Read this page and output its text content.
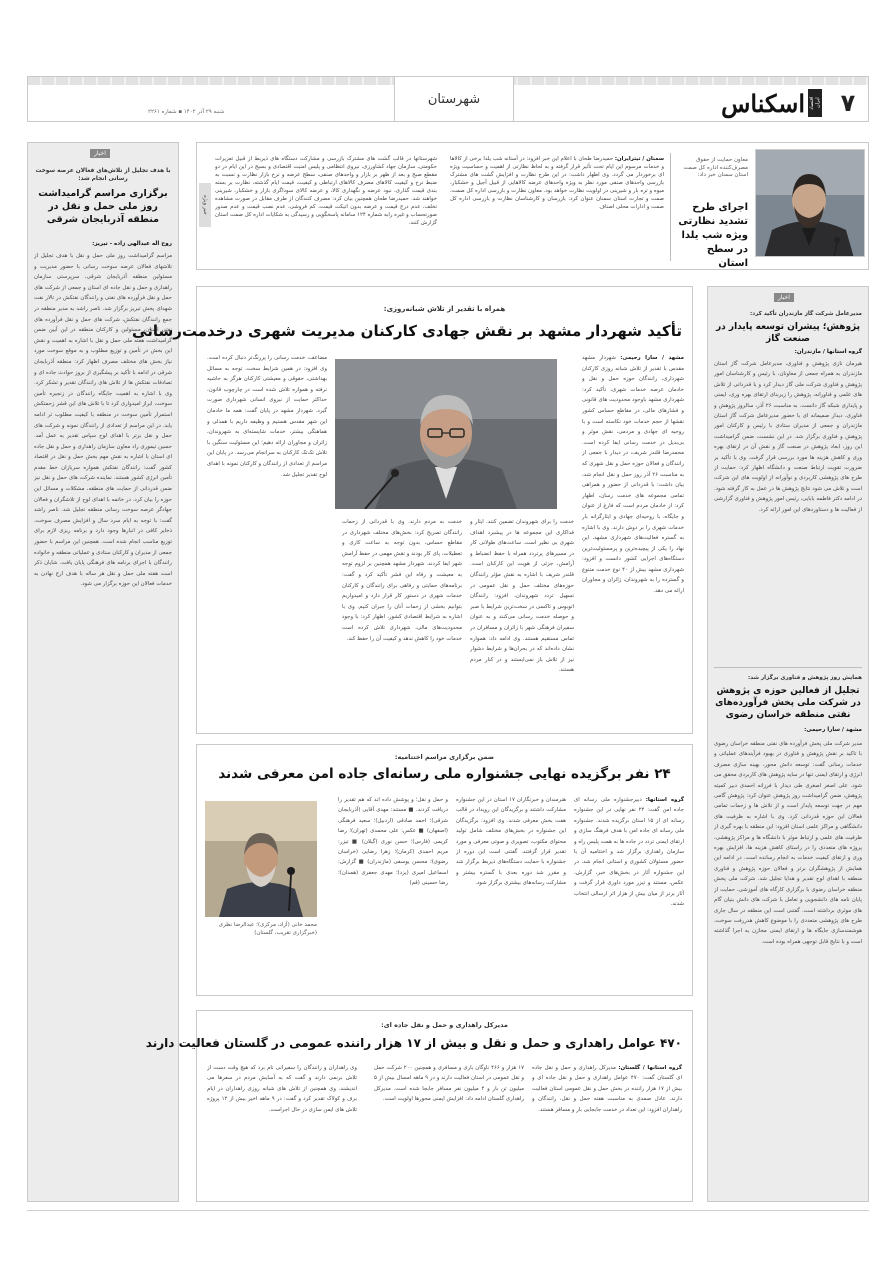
۷
اقتصاد ایران
اسکناس
شهرستان
شنبه ۲۹ آذر ۱۴۰۲ ▪ شماره ۲۲۶۱
خبر ویژه
معاون حمایت از حقوق مصرف‌کننده اداره کل صمت استان سمنان خبر داد:
اجرای طرح تشدید نظارتی ویژه شب یلدا در سطح استان
سمنان / تیترایران: حمیدرضا طحان با اعلام این خبر افزود: در آستانه شب یلدا برخی از کالاها و خدمات مرسوم این ایام تحت تأثیر قرار گرفته و به لحاظ نظارتی از اهمیت و حساسیت ویژه ای برخوردار می گردد. وی اظهار داشت: در این طرح نظارت و افزایش گشت های مشترک بازرسی واحدهای صنفی مورد نظر به ویژه واحدهای عرضه کالاهایی از قبیل آجیل و خشکبار، میوه و تره بار و شیرینی در اولویت نظارت خواهد بود. معاون نظارت و بازرسی اداره کل صمت، صمت و تجارت استان سمنان عنوان کرد: بازرسان و کارشناسان نظارت و بازرسی اداره کل صمت و ادارات محلی اصناف
شهرستانها در قالب گشت های مشترک بازرسی و مشارکت دستگاه های ذیربط از قبیل تعزیرات حکومتی، سازمان جهاد کشاورزی، نیروی انتظامی و پلیس امنیت اقتصادی و بسیج در این ایام در دو مقطع صبح و بعد از ظهر بر بازار و واحدهای صنفی، سطح عرضه و نرخ بازار نظارت و نسبت به ضبط نرخ و کیفیت کالاهای مصرف کالاهای ارتباطی و کیفیت، قیمت ایام گذشته، نظارت بر بسته بندی قیمت گذاری، نبود عرضه و نگهداری کالا، و عرضه کالای سوداگری بازار و خشکبار، شیرینی خواهند شد. حمیدرضا طحان همچنین بیان کرد: مصرف کنندگان از طرف مقابل در صورت مشاهده تخلف، عدم درج قیمت و عرضه بدون اتیکت قیمت، کم فروشی، عدم نصب قیمت و عدم صدور صورتحساب و غیره رابه شماره ۱۲۴ سامانه پاسخگویی و رسیدگی به شکایات اداره کل صمت استان گزارش کنند.
اخبار
با هدف تجلیل از تلاش‌های فعالان عرصه سوخت رسانی انجام شد:
برگزاری مراسم گرامیداشت روز ملی حمل و نقل در منطقه آذربایجان شرقی
روح اله عبدالهی زاده - تبریز:
مراسم گرامیداشت روز ملی حمل و نقل با هدف تجلیل از تلاشهای فعالان عرصه سوخت رسانی با حضور مدیریت و مسئولین منطقه آذربایجان شرقی، سرپرستی سازمان راهداری و حمل و نقل جاده ای استان و جمعی از شرکت های حمل و نقل فرآورده های نفتی و رانندگان نفتکش در تالار نفت شهدای پخش تبریز برگزار شد. ناصر راشد به مدیر منطقه در جمع رانندگان نفتکش، شرکت های حمل و نقل فرآورده های نفتی استان، مسئولین و کارکنان منطقه در این آیین ضمن گرامیداشت هفته ملی حمل و نقل با اشاره به اهمیت و نقش این بخش در تأمین و توزیع مطلوب و به موقع سوخت مورد نیاز بخش های مختلف مصرف اظهار کرد: منطقه آذربایجان شرقی در ادامه با تأکید بر پیشگیری از بروز حوادث جاده ای و تصادفات نفتکش ها از تلاش های رانندگان تقدیر و تشکر کرد. وی با اشاره به اهمیت جایگاه رانندگان در زنجیره تأمین سوخت، ابراز امیدواری کرد تا با تلاش های این قشر زحمتکش استمرار تأمین سوخت در منطقه با کیفیت مطلوب تر ادامه یابد. در این مراسم از تعدادی از رانندگان نمونه و شرکت های حمل و نقل برتر با اهدای لوح سپاس تقدیر به عمل آمد. حسین تیموری راد معاون سازمان راهداری و حمل و نقل جاده ای استان با اشاره به نقش مهم بخش حمل و نقل در اقتصاد کشور گفت: رانندگان نفتکش همواره سربازان خط مقدم تأمین انرژی کشور هستند. نماینده شرکت های حمل و نقل نیز ضمن قدردانی از حمایت های منطقه، مشکلات و مسائل این حوزه را بیان کرد. در خاتمه با اهدای لوح از تلاشگران و فعالان جهادگر عرصه سوخت رسانی منطقه تجلیل شد. ناصر راشد گفت: با توجه به ایام سرد سال و افزایش مصرف سوخت، ذخایر کافی در انبارها وجود دارد و برنامه ریزی لازم برای توزیع مناسب انجام شده است. همچنین این مراسم با حضور جمعی از مدیران و کارکنان ستادی و عملیاتی منطقه و خانواده رانندگان با اجرای برنامه های فرهنگی پایان یافت. شایان ذکر است هفته ملی حمل و نقل هر ساله با هدف ارج نهادن به خدمات فعالان این حوزه برگزار می شود.
اخبار
مدیرعامل شرکت گاز مازندران تأکید کرد:
پژوهش؛ پیشران توسعه پایدار در صنعت گاز
گروه استانها / مازندران:
هیرمان نازی پژوهش و فناوری، مدیرعامل شرکت گاز استان مازندران به همراه جمعی از معاونان، با رئیس و کارشناسان امور پژوهش و فناوری شرکت ملی گاز دیدار کرد و با قدردانی از تلاش های علمی و فناورانه، پژوهش را زیربنای ارتقای بهره وری، ایمنی و پایداری شبکه گاز دانست. به مناسبت ۲۶ آذر، سالروز پژوهش و فناوری، دیدار صمیمانه ای با حضور مدیرعامل شرکت گاز استان مازندران و جمعی از مدیران ستادی با رئیس و کارکنان امور پژوهش و فناوری برگزار شد. در این نشست، ضمن گرامیداشت این روز، ابعاد پژوهش در صنعت گاز و نقش آن در ارتقای بهره وری و کاهش هزینه ها مورد بررسی قرار گرفت. وی با تأکید بر ضرورت تقویت ارتباط صنعت و دانشگاه اظهار کرد: حمایت از طرح های پژوهشی کاربردی و نوآورانه از اولویت های این شرکت است و تلاش می شود نتایج پژوهش ها در عمل به کار گرفته شود. در ادامه دکتر فاطمه بابایی، رئیس امور پژوهش و فناوری گزارشی از فعالیت ها و دستاوردهای این امور ارائه کرد.
همایش روز پژوهش و فناوری برگزار شد:
تجلیل از فعالین حوزه ی پژوهش در شرکت ملی پخش فرآورده‌های نفتی منطقه خراسان رضوی
مشهد / سارا رحیمی:
مدیر شرکت ملی پخش فرآورده های نفتی منطقه خراسان رضوی با تاکید بر نقش پژوهش و فناوری در بهبود فرآیندهای عملیاتی و خدمات رسانی گفت: توسعه دانش محور، بهینه سازی مصرف انرژی و ارتقای ایمنی تنها در سایه پژوهش های کاربردی محقق می شود. علی اصغر اصغری طی دیدار با فرزانه احمدی دبیر کمیته پژوهش، ضمن گرامیداشت روز پژوهش عنوان کرد: پژوهش گامی مهم در جهت توسعه پایدار است و از تلاش ها و زحمات تمامی فعالان این حوزه قدردانی کرد. وی با اشاره به ظرفیت های دانشگاهی و مراکز علمی استان افزود: این منطقه با بهره گیری از ظرفیت های علمی و ارتباط موثر با دانشگاه ها و مراکز پژوهشی، پروژه های متعددی را در راستای کاهش هزینه ها، افزایش بهره وری و ارتقای کیفیت خدمات به انجام رسانده است. در ادامه این همایش از پژوهشگران برتر و فعالان حوزه پژوهش و فناوری منطقه با اهدای لوح تقدیر و هدایا تجلیل شد. شرکت ملی پخش منطقه خراسان رضوی با برگزاری کارگاه های آموزشی، حمایت از پایان نامه های دانشجویی و تعامل با شرکت های دانش بنیان گام های موثری برداشته است. گفتنی است این منطقه در سال جاری طرح های پژوهشی متعددی را با موضوع کاهش هدررفت سوخت، هوشمندسازی جایگاه ها و ارتقای ایمنی مخازن به اجرا گذاشته است و با نتایج قابل توجهی همراه بوده است.
همراه با تقدیر از تلاش شبانه‌روزی:
تأکید شهردار مشهد بر نقش جهادی کارکنان مدیریت شهری درخدمت‌رسانی
مشهد / سارا رحیمی: شهردار مشهد مقدس با تقدیر از تلاش شبانه روزی کارکنان شهرداری، رانندگان حوزه حمل و نقل و خادمان عرصه خدمات شهری، تأکید کرد: شهرداری مشهد باوجود محدودیت های قانونی و فشارهای مالی، در مقاطع حساس کشور نقشها از حجم خدمات خود نکاسته است و با روحیه ای جهادی و مردمی، نقش موثر و بی‌بدیل در خدمت رسانی ایفا کرده است. محمدرضا قلندر شریف، در دیدار با جمعی از رانندگان و فعالان حوزه حمل و نقل شهری که به مناسبت ۲۶ آذر روز حمل و نقل انجام شد، بیان داشت: با قدردانی از حضور و همراهی تمامی مجموعه های خدمت رسان، اظهار کرد: از خادمان مردم است که فارغ از عنوان و جایگاه، با روحیه‌ای جهادی و ایثارگرانه بار خدمات شهری را بر دوش دارند. وی با اشاره به گستره فعالیت‌های شهرداری مشهد، این نهاد را یکی از پیچیده‌ترین و پرمسئولیت‌ترین دستگاه‌های اجرایی کشور دانست و افزود: شهرداری مشهد بیش از ۴۰ نوع خدمت متنوع و گسترده را به شهروندان، زائران و مجاوران ارائه می دهد.
خدمت را برای شهروندان تضمین کنند. ایثار و فداکاری این مجموعه ها در پیشبرد اهداف شهری بی نظیر است. ساعت‌های طولانی کار در مسیرهای پرتردد همراه با حفظ انضباط و آرامش، جزئی از هویت این کارکنان است. قلندر شریف با اشاره به نقش مؤثر رانندگان حوزه‌های مختلف حمل و نقل عمومی در تسهیل تردد شهروندان، افزود: رانندگان اتوبوس و تاکسی در سخت‌ترین شرایط با صبر و حوصله خدمت رسانی می‌کنند و به عنوان سفیران فرهنگی شهر با زائران و مسافران در تماس مستقیم هستند. وی ادامه داد: همواره نشان داده‌اند که در بحران‌ها و شرایط دشوار نیز از تلاش باز نمی‌ایستند و در کنار مردم هستند.
خدمت به مردم دارند. وی با قدردانی از زحمات رانندگان تصریح کرد: بخش‌های مختلف شهرداری در مقاطع حساس، بدون توجه به ساعت کاری و تعطیلات، پای کار بودند و نقش مهمی در حفظ آرامش شهر ایفا کردند. شهردار مشهد همچنین بر لزوم توجه به معیشت و رفاه این قشر تأکید کرد و گفت: برنامه‌های حمایتی و رفاهی برای رانندگان و کارکنان خدمات شهری در دستور کار قرار دارد و امیدواریم بتوانیم بخشی از زحمات آنان را جبران کنیم. وی با اشاره به شرایط اقتصادی کشور، اظهار کرد: با وجود محدودیت‌های مالی، شهرداری تلاش کرده است خدمات خود را کاهش ندهد و کیفیت آن را حفظ کند.
مضاعف، خدمت رسانی را پررنگ‌تر دنبال کرده است. وی افزود: در همین شرایط سخت، توجه به مسائل بهداشتی، حقوقی و معیشتی کارکنان هرگز به حاشیه نرفته و همواره تلاش شده است در چارچوب قانون، حداکثر حمایت از نیروی انسانی شهرداری صورت گیرد. شهردار مشهد در پایان گفت: همه ما خادمان این شهر مقدس هستیم و وظیفه داریم با همدلی و هماهنگی بیشتر، خدمات شایسته‌ای به شهروندان، زائران و مجاوران ارائه دهیم؛ این مسئولیت سنگین با تلاش تک‌تک کارکنان به سرانجام می‌رسد. در پایان این مراسم از تعدادی از رانندگان و کارکنان نمونه با اهدای لوح تقدیر تجلیل شد.
ضمن برگزاری مراسم اختتامیه:
۲۴ نفر برگزیده نهایی جشنواره ملی رسانه‌ای جاده امن معرفی شدند
گروه استانها: دبیرجشنواره ملی رسانه ای جاده امن گفت: ۲۴ نفر نهایی در این جشنواره رسانه ای از ۱۵ استان برگزیده شدند. جشنواره ملی رسانه ای جاده امن با هدف فرهنگ سازی و ارتقای ایمنی تردد در جاده ها به همت پلیس راه و سازمان راهداری برگزار شد و اختتامیه آن با حضور مسئولان کشوری و استانی انجام شد. در این جشنواره آثار در بخش‌های خبر، گزارش، عکس، مستند و تیزر مورد داوری قرار گرفت و آثار برتر از میان بیش از هزار اثر ارسالی انتخاب شدند.
هنرمندان و خبرنگاران ۱۷ استان در این جشنواره مشارکت داشتند و برگزیدگان این رویداد در قالب هفت بخش معرفی شدند. وی افزود: برگزیدگان این جشنواره در بخش‌های مختلف شامل تولید محتوای مکتوب، تصویری و صوتی معرفی و مورد تقدیر قرار گرفتند. گفتنی است این دوره از جشنواره با حمایت دستگاه‌های ذیربط برگزار شد و مقرر شد دوره بعدی با گستره بیشتر و مشارکت رسانه‌های بیشتری برگزار شود.
و حمل و نقل؛ و پوشش داده اند که هم تقدیر را دریافت کردند. ■ مستند: مهدی آقایی (آذربایجان شرقی)؛ احمد صادقی (اردبیل)؛ سعید فرهنگی (اصفهان) ■ عکس: علی محمدی (تهران)؛ رضا کریمی (فارس)؛ حسن نوری (گیلان) ■ تیزر: مریم احمدی (کرمان)؛ زهرا رضایی (خراسان رضوی)؛ محسن یوسفی (مازندران) ■ گزارش: اسماعیل امیری (یزد)؛ مهدی جعفری (همدان)؛ رضا حسینی (قم)
محمد خانی (آزاد، مرکزی)؛ عبدالرضا نظری (خبرگزاری تقریب، گلستان)
مدیرکل راهداری و حمل و نقل جاده ای:
۴۷۰ عوامل راهداری و حمل و نقل و بیش از ۱۷ هزار راننده عمومی در گلستان فعالیت دارند
گروه استانها / گلستان: مدیرکل راهداری و حمل و نقل جاده ای گلستان گفت: ۴۷۰ عوامل راهداری و حمل و نقل جاده ای و بیش از ۱۷ هزار راننده در بخش حمل و نقل عمومی استان فعالیت دارند. عادل صمدی به مناسبت هفته حمل و نقل، رانندگان و راهداران افزود: این تعداد در خدمت جابجایی بار و مسافر هستند.
۱۷ هزار و ۴۶۶ ناوگان باری و مسافری و همچنین ۲۰۰ شرکت حمل و نقل عمومی در استان فعالیت دارند و در ۹ ماهه امسال بیش از ۵ میلیون تن بار و ۴ میلیون نفر مسافر جابجا شده است. مدیرکل راهداری گلستان ادامه داد: افزایش ایمنی محورها اولویت است.
وی راهداران و رانندگان را سفیرانی نام برد که هیچ وقت دست از تلاش برنمی دارند و گفت که به آسایش مردم در سفرها می اندیشند. وی همچنین از تلاش های شبانه روزی راهداران در ایام برف و کولاک تقدیر کرد و گفت: در ۹ ماهه اخیر بیش از ۱۲ پروژه تلاش های ایمن سازی در حال اجراست.
